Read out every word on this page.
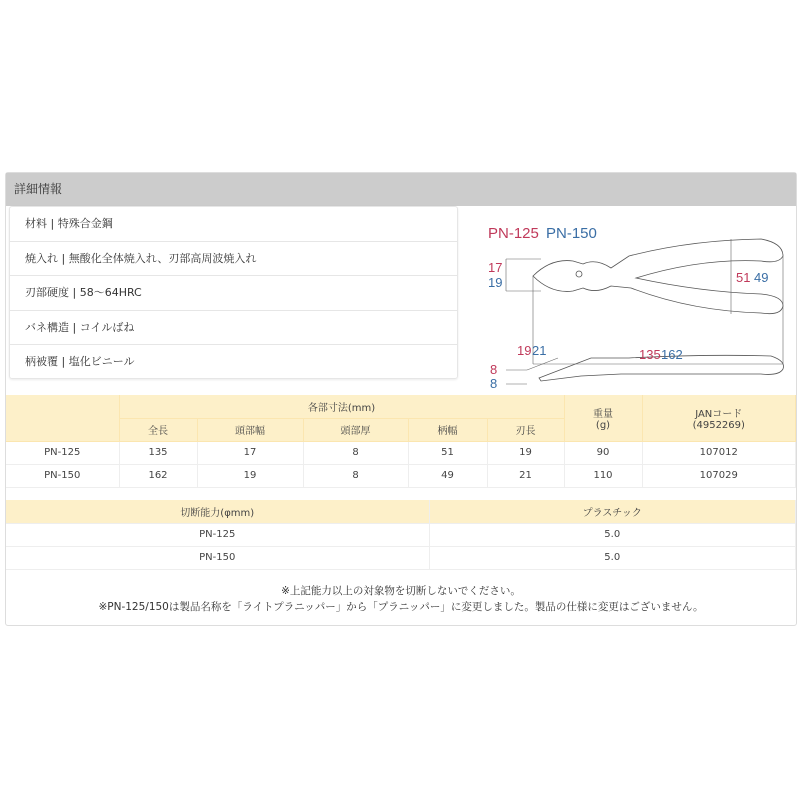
詳細情報
材料 | 特殊合金鋼
焼入れ | 無酸化全体焼入れ、刃部高周波焼入れ
刃部硬度 | 58～64HRC
バネ構造 | コイルばね
柄被覆 | 塩化ビニール
PN-125 PN-150
17
19	51 49
135 162
19 21
8
8
	各部寸法(mm)					重量
(g)	JANコード
(4952269)
	全長	頭部幅	頭部厚	柄幅	刃長		
PN-125	135	17	8	51	19	90	107012
PN-150	162	19	8	49	21	110	107029
切断能力(φmm)	プラスチック
PN-125	5.0
PN-150	5.0
※上記能力以上の対象物を切断しないでください。
※PN-125/150は製品名称を「ライトプラニッパー」から「プラニッパー」に変更しました。製品の仕様に変更はございません。
